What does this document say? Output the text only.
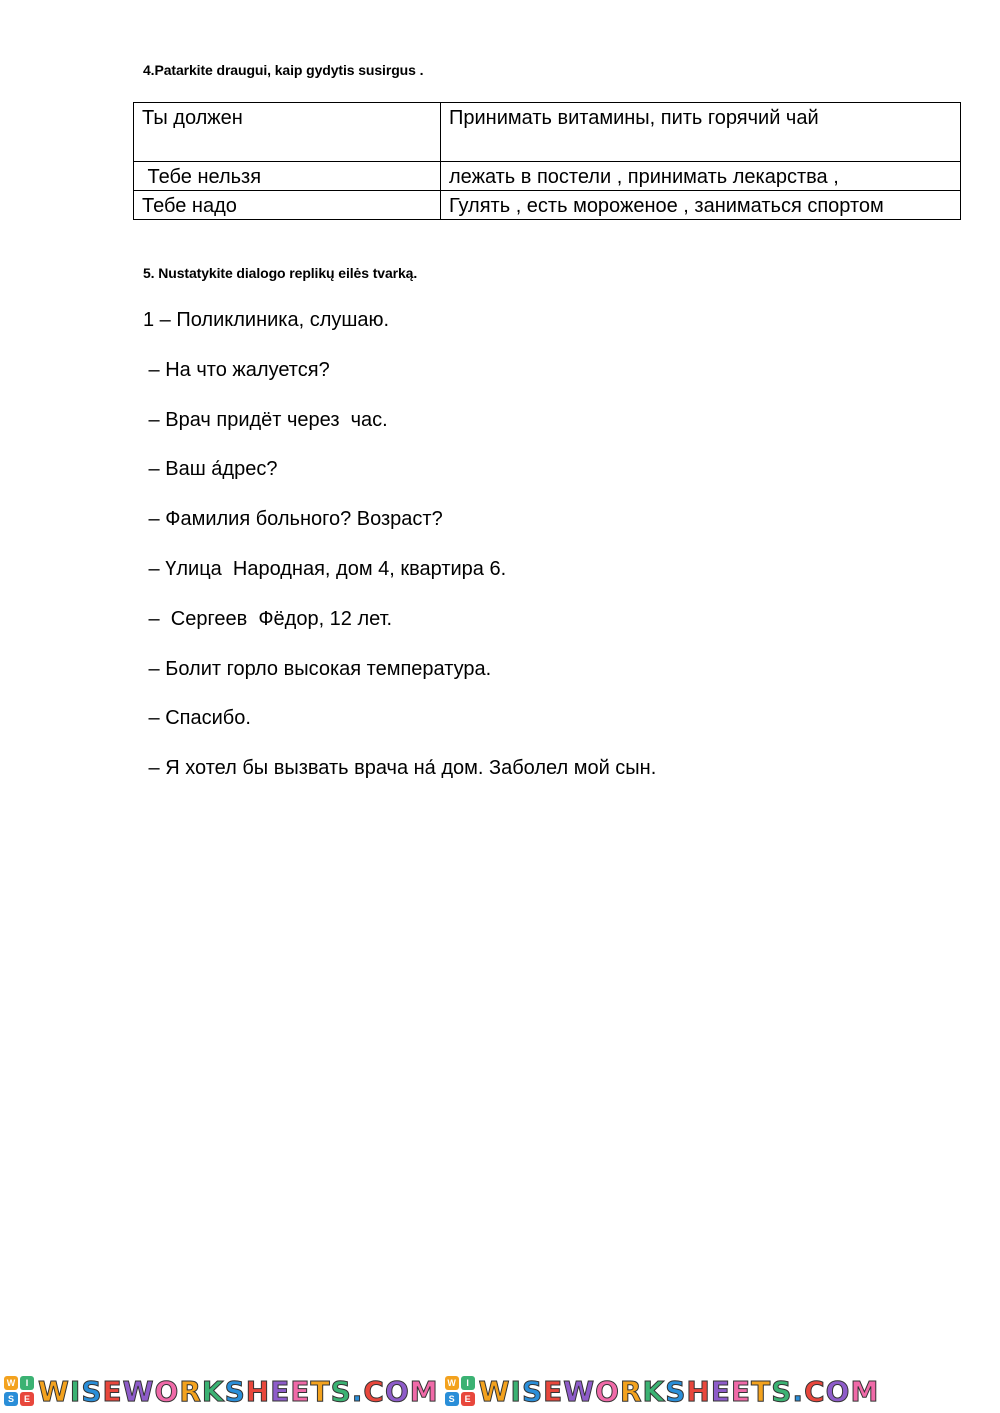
4.Patarkite draugui, kaip gydytis susirgus .
Ты должен	Принимать витамины, пить горячий чай
Тебе нельзя	лежать в постели , принимать лекарства ,
Тебе надо	Гулять , есть мороженое , заниматься спортом
5. Nustatykite dialogo replikų eilės tvarką.
1 – Поликлиника, слушаю.
– На что жалуется?
– Врач придёт через  час.
– Ваш а́дрес?
– Фамилия больного? Возраст?
– Үлица  Народная, дом 4, квартира 6.
–  Сергеев  Фёдор, 12 лет.
– Болит горло высокая температура.
– Спасибо.
– Я хотел бы вызвать врача на́ дом. Заболел мой сын.
W	I
S	E WISEWORKSHEETS.COM W	I
S	E WISEWORKSHEETS.COM
